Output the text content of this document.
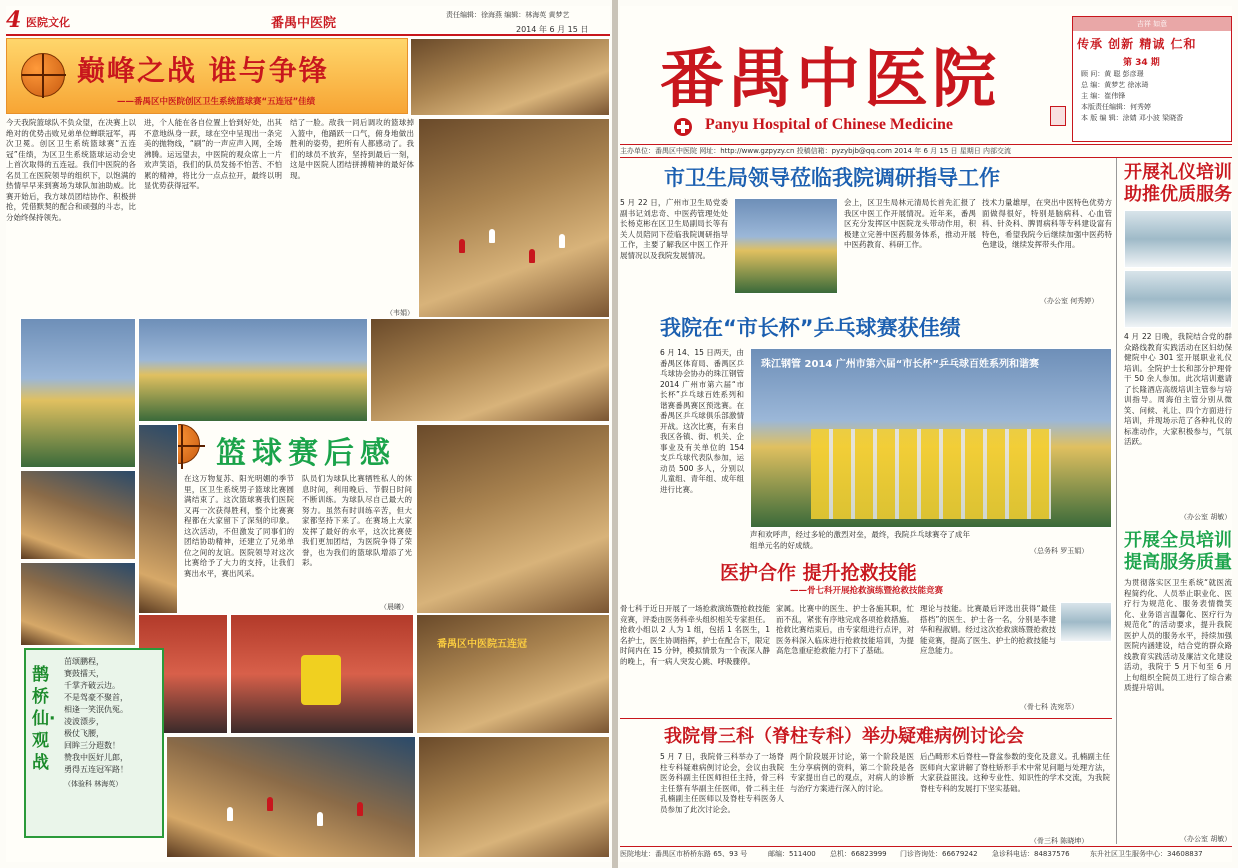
4 医院文化	番禺中医院
责任编辑：徐海燕 编辑：林海英 黄梦艺
2014 年 6 月 15 日
巅峰之战 谁与争锋
——番禺区中医院创区卫生系统篮球赛“五连冠”佳绩
今天我院篮球队不负众望，在决赛上以绝对的优势击败兄弟单位蝉联冠军，再次卫冕。创区卫生系统篮球赛“五连冠”佳绩，为区卫生系统篮球运动会史上首次取得的五连冠。我们中医院的各名员工在医院领导的组织下，以饱满的热情早早来到赛场为球队加油助威。比赛开始后，我方球员团结协作、积极拼抢，凭借默契的配合和顽强的斗志，比分始终保持领先。
进，个人能在各自位置上恰到好处，出其不意地纵身一跃，球在空中呈现出一条完美的抛物线，“刷”的一声应声入网，全场沸腾。运远望去，中医院的观众席上一片欢声笑语，我们的队员发扬不怕苦、不怕累的精神，将比分一点点拉开，最终以明显优势获得冠军。
结了一脸。敌我一同后调攻的篮球掉入篮中，他踊跃一口气，俯身地做出胜利的姿势，把所有人都感动了。我们的球员不放弃，坚持到最后一刻，这是中医院人团结拼搏精神的最好体现。
（韦娟）
篮球赛后感
在这万物复苏、阳光明媚的季节里，区卫生系统男子篮球比赛圆满结束了。这次篮球赛我们医院又再一次获得胜利，整个比赛赛程都在大家留下了深刻的印象。这次活动，不但激发了同事们的团结协助精神，还建立了兄弟单位之间的友谊。医院领导对这次比赛给予了大力的支持，让我们赛出水平，赛出风采。
队员们为球队比赛牺牲私人的休息时间，利用晚后、节假日时间不断训练。为球队尽自己最大的努力。虽然有时训练辛苦，但大家都坚持下来了。在赛场上大家发挥了最好的水平，这次比赛使我们更加团结，为医院争得了荣誉，也为我们的篮球队增添了光彩。
（晨曦）
番禺区中医院五连冠
鹊桥仙·观战
茁颂鹏程，
赛鼓擂天，
千掌齐破云边。
不是驾豪不聚首，
相逢一笑泯仇冤。
凌波漂步，
极仗飞腰，
回眸三分遐数！
赞我中医好儿郎，
勇得五连冠军路！
（体验科 林海英）
番禺中医院
Panyu Hospital of Chinese Medicine
吉祥 如意
传承 创新 精诚 仁和
第 34 期
顾 问：黄 聪 彭彦璟
总 编：黄梦艺 徐冰琦
主 编：崔伟锋
本版责任编辑：何秀婷
本 版 编 辑：涂婧 邓小波 梁晓香
主办单位：番禺区中医院 网址：http://www.gzpyzy.cn 投稿信箱：pyzybjb@qq.com 2014 年 6 月 15 日 星期日 内部交流
市卫生局领导莅临我院调研指导工作
5 月 22 日，广州市卫生局党委副书记刘忠奇、中医药管理处处长杨克彬在区卫生局副局长等有关人员陪同下莅临我院调研指导工作，主要了解我区中医工作开展情况以及我院发展情况。
会上，区卫生局林元清局长首先汇报了我区中医工作开展情况。近年来，番禺区充分发挥区中医院龙头带动作用，积极建立完善中医药服务体系，推动开展中医药教育、科研工作。
技术力量雄厚，在突出中医特色优势方面做得很好，特别是脑病科、心血管科、针灸科、脾胃病科等专科建设富有特色，希望我院今后继续加强中医药特色建设，继续发挥带头作用。
（办公室 何秀婷）
我院在“市长杯”乒乓球赛获佳绩
6 月 14、15 日两天，由番禺区体育局、番禺区乒乓球协会协办的珠江钢管 2014 广州市第六届“市长杯”乒乓球百姓系列和谐赛番禺赛区预选赛。在番禺区乒乓球俱乐部激情开战。这次比赛，有来自我区各镇、街、机关、企事业及有关单位的 154 支乒乓球代表队参加，运动员 500 多人，分别以儿童组、青年组、成年组进行比赛。
珠江钢管 2014 广州市第六届“市长杯”乒乓球百姓系列和谐赛
声和欢呼声，经过多轮的激烈对垒，最终，我院乒乓球赛夺了成年组单元名的好成绩。
（总务科 罗玉娟）
医护合作 提升抢救技能
——骨七科开展抢救演练暨抢救技能竞赛
骨七科于近日开展了一场抢救演练暨抢救技能竞赛，评委由医务科牵头组织相关专家担任。抢救小组以 2 人为 1 组，包括 1 名医生，1 名护士，医生协调指挥，护士在配合下，限定时间内在 15 分钟，模拟情景为一个夜深人静的晚上，有一病人突发心跳、呼吸骤停。
家属。比赛中的医生、护士各施其职，忙而不乱，紧张有序地完成各项抢救措施。抢救比赛结束后，由专家组进行点评，对医务科深入临床进行抢救技能培训，为提高危急重症抢救能力打下了基础。
理论与技能。比赛最后评选出获得“最佳搭档”的医生、护士各一名，分别是李建华和程淑娟。经过这次抢救演练暨抢救技能竞赛，提高了医生、护士的抢救技能与应急能力。
（骨七科 冼宛萃）
我院骨三科（脊柱专科）举办疑难病例讨论会
5 月 7 日，我院骨三科举办了一场脊柱专科疑难病例讨论会，会议由我院医务科副主任医师担任主持，骨三科主任蔡有华副主任医师，骨二科主任孔楠副主任医师以及脊柱专科医务人员参加了此次讨论会。
两个阶段展开讨论，第一个阶段是医生分享病例的资料，第二个阶段是各专家提出自己的观点，对病人的诊断与治疗方案进行深入的讨论。
后凸畸形术后脊柱—脊盆参数的变化及意义。孔楠副主任医师向大家讲解了脊柱矫形手术中常见问题与处理方法，大家获益匪浅。这种专业性、知识性的学术交流，为我院脊柱专科的发展打下坚实基础。
（骨三科 陈晓坤）
开展礼仪培训 助推优质服务
4 月 22 日晚，我院结合党的群众路线教育实践活动在区妇幼保健院中心 301 室开展职业礼仪培训。全院护士长和部分护理骨干 50 余人参加。此次培训邀请了长隆酒店高级培训主管参与培训指导。周海伯主管分别从微笑、问候、礼让、四个方面进行培训，并现场示范了各种礼仪的标准动作，大家积极参与，气氛活跃。
（办公室 胡敏）
开展全员培训 提高服务质量
为贯彻落实区卫生系统“就医流程简约化、人员举止职业化、医疗行为规范化、服务表情微笑化、业务语言温馨化、医疗行为规范化”的活动要求，提升我院医护人员的服务水平，持续加强医院内涵建设，结合党的群众路线教育实践活动及廉洁文化建设活动，我院于 5 月下旬至 6 月上旬组织全院员工进行了综合素质提升培训。
（办公室 胡敏）
医院地址：番禺区市桥桥东路 65、93 号	邮编：511400 总机：66823999 门诊咨询处：66679242 急诊科电话：84837576	东升社区卫生服务中心：34608837
